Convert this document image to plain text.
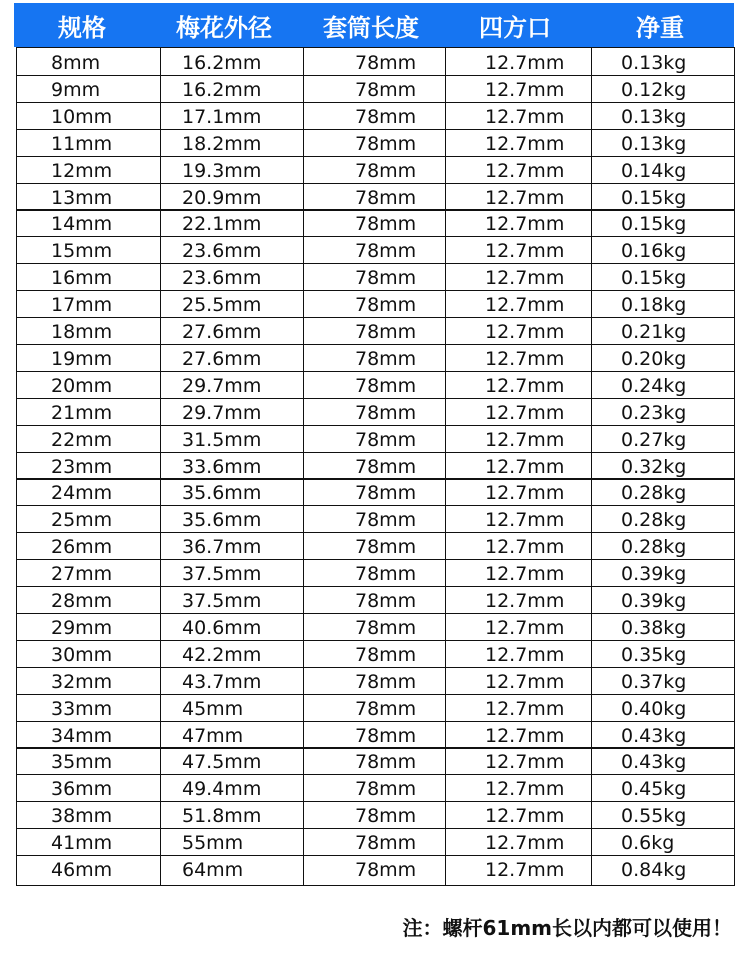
规格	梅花外径	套筒长度	四方口	净重
8mm	16.2mm	78mm	12.7mm	0.13kg
9mm	16.2mm	78mm	12.7mm	0.12kg
10mm	17.1mm	78mm	12.7mm	0.13kg
11mm	18.2mm	78mm	12.7mm	0.13kg
12mm	19.3mm	78mm	12.7mm	0.14kg
13mm	20.9mm	78mm	12.7mm	0.15kg
14mm	22.1mm	78mm	12.7mm	0.15kg
15mm	23.6mm	78mm	12.7mm	0.16kg
16mm	23.6mm	78mm	12.7mm	0.15kg
17mm	25.5mm	78mm	12.7mm	0.18kg
18mm	27.6mm	78mm	12.7mm	0.21kg
19mm	27.6mm	78mm	12.7mm	0.20kg
20mm	29.7mm	78mm	12.7mm	0.24kg
21mm	29.7mm	78mm	12.7mm	0.23kg
22mm	31.5mm	78mm	12.7mm	0.27kg
23mm	33.6mm	78mm	12.7mm	0.32kg
24mm	35.6mm	78mm	12.7mm	0.28kg
25mm	35.6mm	78mm	12.7mm	0.28kg
26mm	36.7mm	78mm	12.7mm	0.28kg
27mm	37.5mm	78mm	12.7mm	0.39kg
28mm	37.5mm	78mm	12.7mm	0.39kg
29mm	40.6mm	78mm	12.7mm	0.38kg
30mm	42.2mm	78mm	12.7mm	0.35kg
32mm	43.7mm	78mm	12.7mm	0.37kg
33mm	45mm	78mm	12.7mm	0.40kg
34mm	47mm	78mm	12.7mm	0.43kg
35mm	47.5mm	78mm	12.7mm	0.43kg
36mm	49.4mm	78mm	12.7mm	0.45kg
38mm	51.8mm	78mm	12.7mm	0.55kg
41mm	55mm	78mm	12.7mm	0.6kg
46mm	64mm	78mm	12.7mm	0.84kg
注：螺杆61mm长以内都可以使用！
